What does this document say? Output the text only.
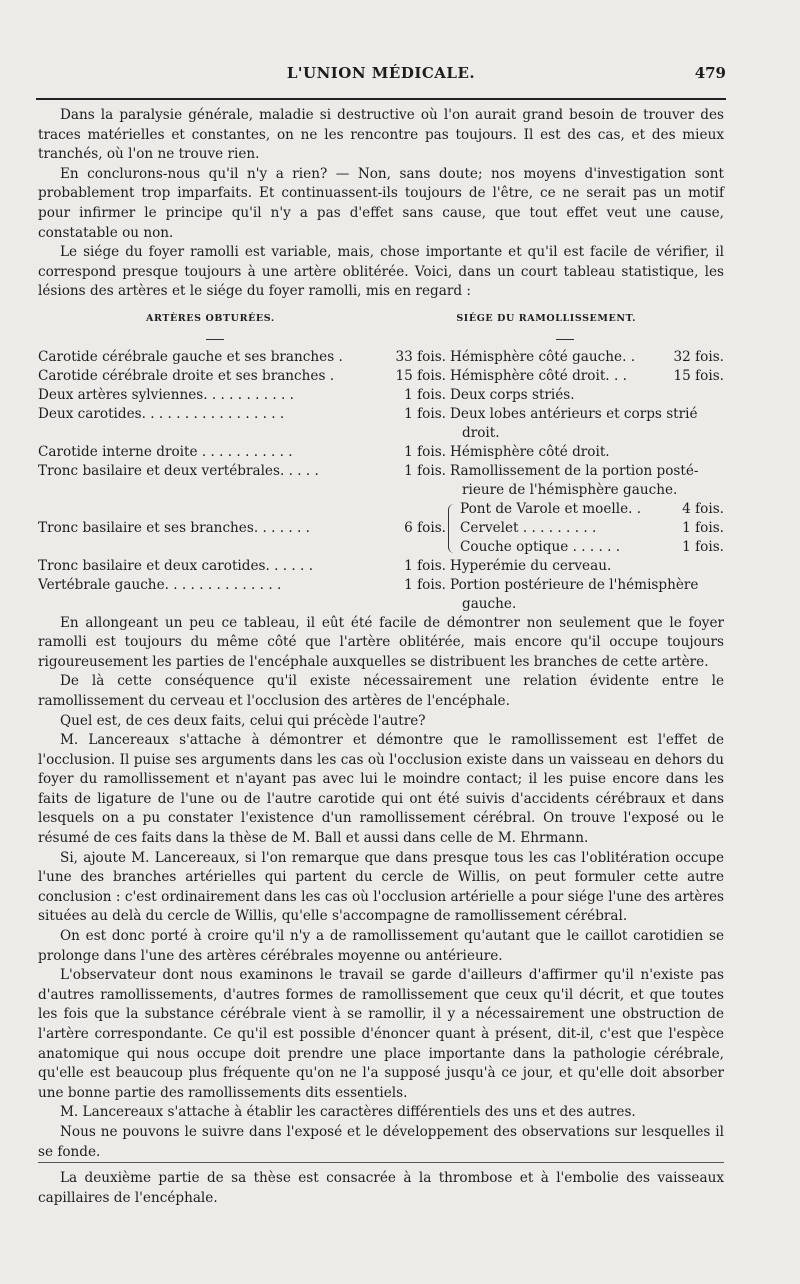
L'UNION MÉDICALE.	479

Dans la paralysie générale, maladie si destructive où l'on aurait grand besoin de trouver des traces matérielles et constantes, on ne les rencontre pas toujours. Il est des cas, et des mieux tranchés, où l'on ne trouve rien.

En conclurons-nous qu'il n'y a rien? — Non, sans doute; nos moyens d'investigation sont probablement trop imparfaits. Et continuassent-ils toujours de l'être, ce ne serait pas un motif pour infirmer le principe qu'il n'y a pas d'effet sans cause, que tout effet veut une cause, constatable ou non.

Le siége du foyer ramolli est variable, mais, chose importante et qu'il est facile de vérifier, il correspond presque toujours à une artère oblitérée. Voici, dans un court tableau statistique, les lésions des artères et le siége du foyer ramolli, mis en regard :

ARTÈRES OBTURÉES.	SIÉGE DU RAMOLLISSEMENT.
Carotide cérébrale gauche et ses branches .	33 fois. Hémisphère côté gauche. .	32 fois.
Carotide cérébrale droite et ses branches .	15 fois. Hémisphère côté droit. . .	15 fois.
Deux artères sylviennes. . . . . . . . . . .	1 fois. Deux corps striés.
Deux carotides. . . . . . . . . . . . . . . . .	1 fois. Deux lobes antérieurs et corps strié
droit.
Carotide interne droite . . . . . . . . . . .	1 fois. Hémisphère côté droit.
Tronc basilaire et deux vertébrales. . . . .	1 fois. Ramollissement de la portion posté-
rieure de l'hémisphère gauche.
Tronc basilaire et ses branches. . . . . . .	6 fois.
Pont de Varole et moelle. .	4 fois.
Cervelet . . . . . . . . .	1 fois.
Couche optique . . . . . .	1 fois.
Tronc basilaire et deux carotides. . . . . .	1 fois. Hyperémie du cerveau.
Vertébrale gauche. . . . . . . . . . . . . .	1 fois. Portion postérieure de l'hémisphère
gauche.

En allongeant un peu ce tableau, il eût été facile de démontrer non seulement que le foyer ramolli est toujours du même côté que l'artère oblitérée, mais encore qu'il occupe toujours rigoureusement les parties de l'encéphale auxquelles se distribuent les branches de cette artère.

De là cette conséquence qu'il existe nécessairement une relation évidente entre le ramollissement du cerveau et l'occlusion des artères de l'encéphale.

Quel est, de ces deux faits, celui qui précède l'autre?

M. Lancereaux s'attache à démontrer et démontre que le ramollissement est l'effet de l'occlusion. Il puise ses arguments dans les cas où l'occlusion existe dans un vaisseau en dehors du foyer du ramollissement et n'ayant pas avec lui le moindre contact; il les puise encore dans les faits de ligature de l'une ou de l'autre carotide qui ont été suivis d'accidents cérébraux et dans lesquels on a pu constater l'existence d'un ramollissement cérébral. On trouve l'exposé ou le résumé de ces faits dans la thèse de M. Ball et aussi dans celle de M. Ehrmann.

Si, ajoute M. Lancereaux, si l'on remarque que dans presque tous les cas l'oblitération occupe l'une des branches artérielles qui partent du cercle de Willis, on peut formuler cette autre conclusion : c'est ordinairement dans les cas où l'occlusion artérielle a pour siége l'une des artères situées au delà du cercle de Willis, qu'elle s'accompagne de ramollissement cérébral.

On est donc porté à croire qu'il n'y a de ramollissement qu'autant que le caillot carotidien se prolonge dans l'une des artères cérébrales moyenne ou antérieure.

L'observateur dont nous examinons le travail se garde d'ailleurs d'affirmer qu'il n'existe pas d'autres ramollissements, d'autres formes de ramollissement que ceux qu'il décrit, et que toutes les fois que la substance cérébrale vient à se ramollir, il y a nécessairement une obstruction de l'artère correspondante. Ce qu'il est possible d'énoncer quant à présent, dit-il, c'est que l'espèce anatomique qui nous occupe doit prendre une place importante dans la pathologie cérébrale, qu'elle est beaucoup plus fréquente qu'on ne l'a supposé jusqu'à ce jour, et qu'elle doit absorber une bonne partie des ramollissements dits essentiels.

M. Lancereaux s'attache à établir les caractères différentiels des uns et des autres.

Nous ne pouvons le suivre dans l'exposé et le développement des observations sur lesquelles il se fonde.

La deuxième partie de sa thèse est consacrée à la thrombose et à l'embolie des vaisseaux capillaires de l'encéphale.
